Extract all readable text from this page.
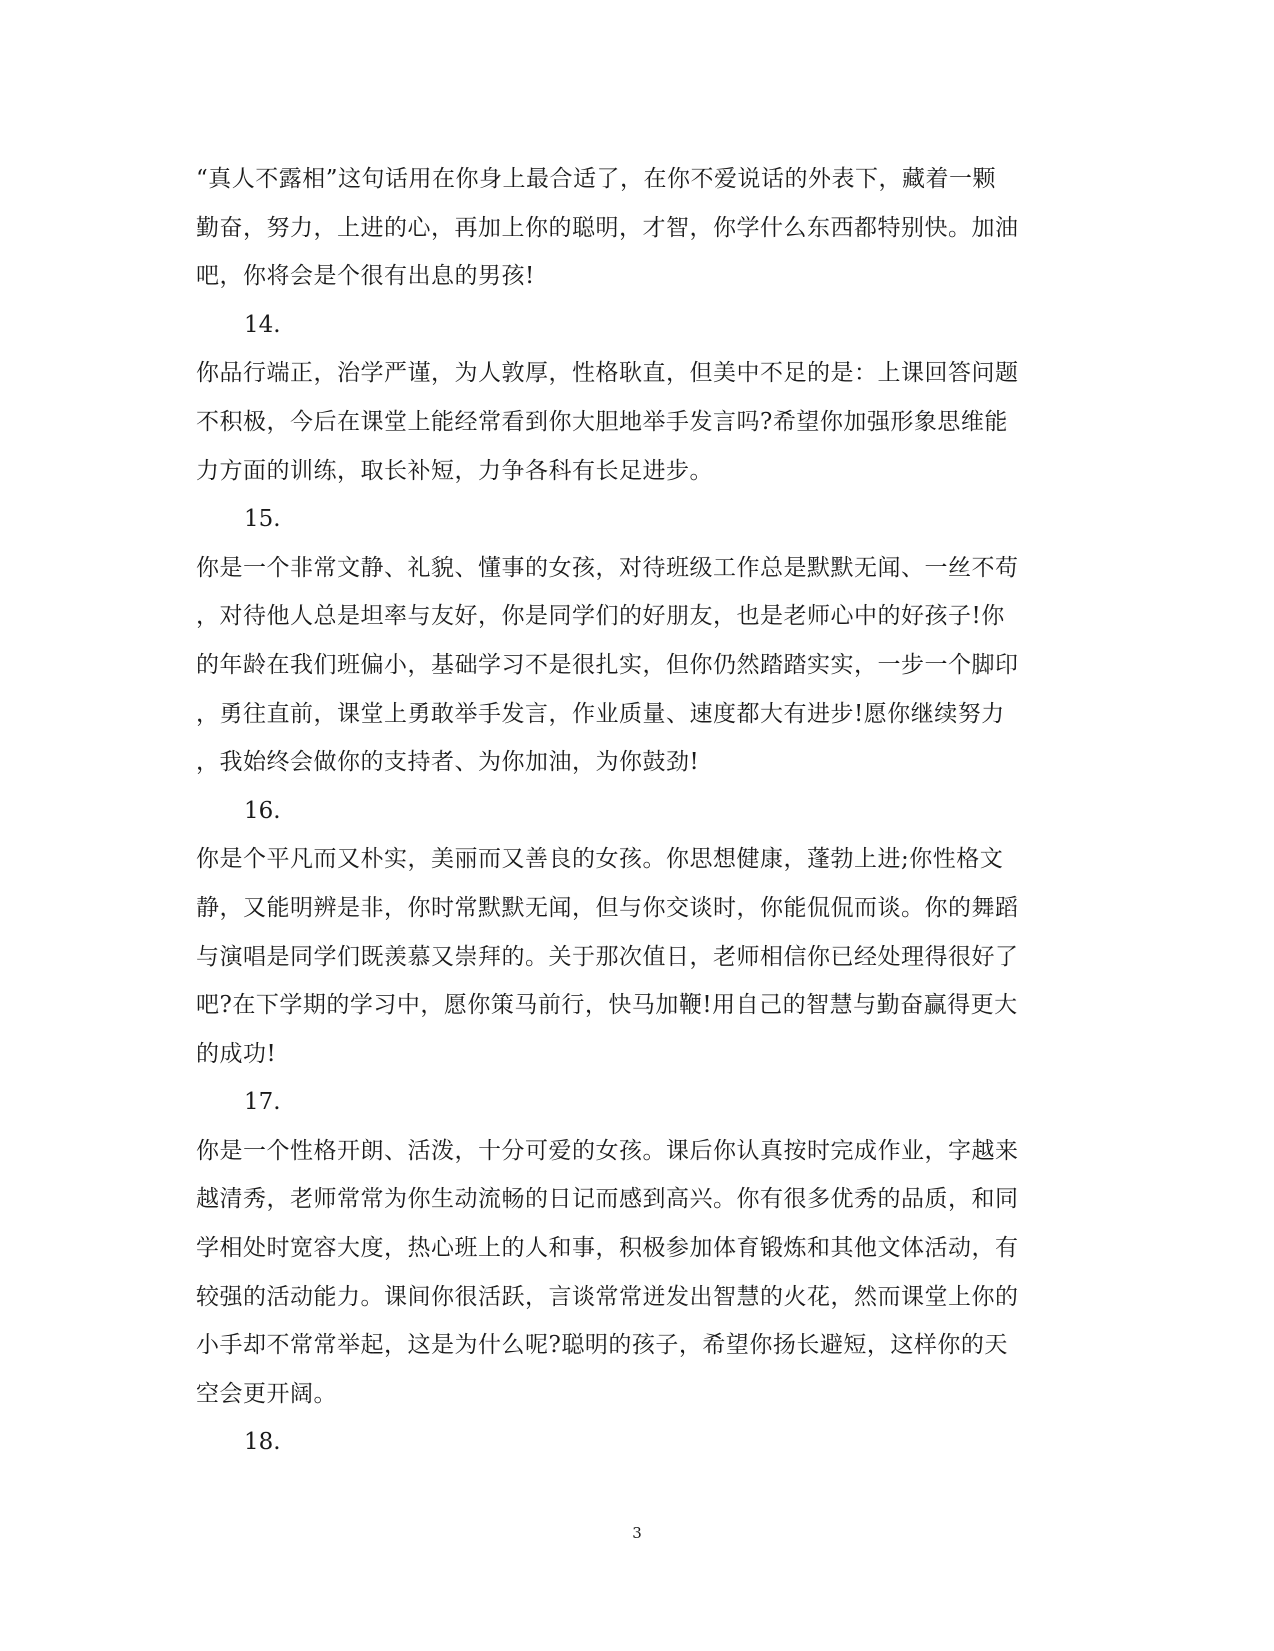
“真人不露相”这句话用在你身上最合适了，在你不爱说话的外表下，藏着一颗
勤奋，努力，上进的心，再加上你的聪明，才智，你学什么东西都特别快。加油
吧，你将会是个很有出息的男孩!

14.

你品行端正，治学严谨，为人敦厚，性格耿直，但美中不足的是：上课回答问题
不积极，今后在课堂上能经常看到你大胆地举手发言吗?希望你加强形象思维能
力方面的训练，取长补短，力争各科有长足进步。

15.

你是一个非常文静、礼貌、懂事的女孩，对待班级工作总是默默无闻、一丝不苟
，对待他人总是坦率与友好，你是同学们的好朋友，也是老师心中的好孩子!你
的年龄在我们班偏小，基础学习不是很扎实，但你仍然踏踏实实，一步一个脚印
，勇往直前，课堂上勇敢举手发言，作业质量、速度都大有进步!愿你继续努力
，我始终会做你的支持者、为你加油，为你鼓劲!

16.

你是个平凡而又朴实，美丽而又善良的女孩。你思想健康，蓬勃上进;你性格文
静，又能明辨是非，你时常默默无闻，但与你交谈时，你能侃侃而谈。你的舞蹈
与演唱是同学们既羡慕又崇拜的。关于那次值日，老师相信你已经处理得很好了
吧?在下学期的学习中，愿你策马前行，快马加鞭!用自己的智慧与勤奋赢得更大
的成功!

17.

你是一个性格开朗、活泼，十分可爱的女孩。课后你认真按时完成作业，字越来
越清秀，老师常常为你生动流畅的日记而感到高兴。你有很多优秀的品质，和同
学相处时宽容大度，热心班上的人和事，积极参加体育锻炼和其他文体活动，有
较强的活动能力。课间你很活跃，言谈常常迸发出智慧的火花，然而课堂上你的
小手却不常常举起，这是为什么呢?聪明的孩子，希望你扬长避短，这样你的天
空会更开阔。

18.

3
